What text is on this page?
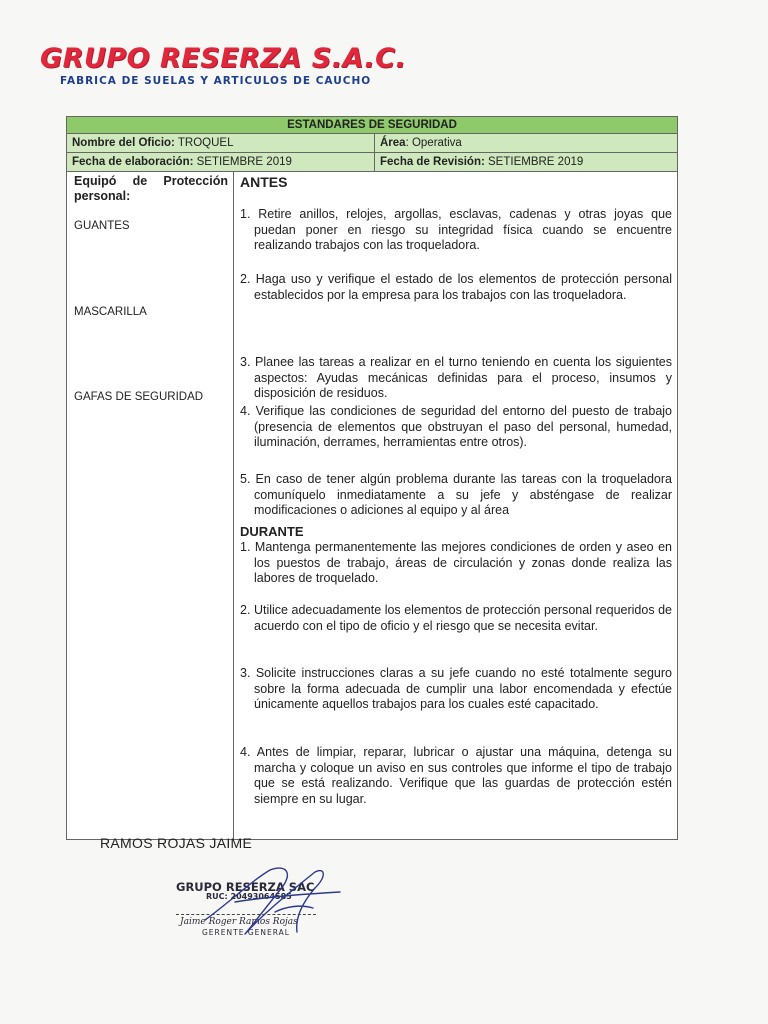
GRUPO RESERZA S.A.C.
FABRICA DE SUELAS Y ARTICULOS DE CAUCHO
ESTANDARES DE SEGURIDAD
Nombre del Oficio: TROQUEL	Área: Operativa
Fecha de elaboración: SETIEMBRE 2019	Fecha de Revisión: SETIEMBRE 2019
Equipó de Protección personal:
GUANTES
MASCARILLA
GAFAS DE SEGURIDAD
ANTES
1. Retire anillos, relojes, argollas, esclavas, cadenas y otras joyas que puedan poner en riesgo su integridad física cuando se encuentre realizando trabajos con las troqueladora.
2. Haga uso y verifique el estado de los elementos de protección personal establecidos por la empresa para los trabajos con las troqueladora.
3. Planee las tareas a realizar en el turno teniendo en cuenta los siguientes aspectos: Ayudas mecánicas definidas para el proceso, insumos y disposición de residuos.
4. Verifique las condiciones de seguridad del entorno del puesto de trabajo (presencia de elementos que obstruyan el paso del personal, humedad, iluminación, derrames, herramientas entre otros).
5. En caso de tener algún problema durante las tareas con la troqueladora comuníquelo inmediatamente a su jefe y absténgase de realizar modificaciones o adiciones al equipo y al área
DURANTE
1. Mantenga permanentemente las mejores condiciones de orden y aseo en los puestos de trabajo, áreas de circulación y zonas donde realiza las labores de troquelado.
2. Utilice adecuadamente los elementos de protección personal requeridos de acuerdo con el tipo de oficio y el riesgo que se necesita evitar.
3. Solicite instrucciones claras a su jefe cuando no esté totalmente seguro sobre la forma adecuada de cumplir una labor encomendada y efectúe únicamente aquellos trabajos para los cuales esté capacitado.
4. Antes de limpiar, reparar, lubricar o ajustar una máquina, detenga su marcha y coloque un aviso en sus controles que informe el tipo de trabajo que se está realizando. Verifique que las guardas de protección estén siempre en su lugar.
RAMOS ROJAS JAIME
GRUPO RESERZA SAC
RUC: 20493064585
Jaime Roger Ramos Rojas
GERENTE GENERAL
